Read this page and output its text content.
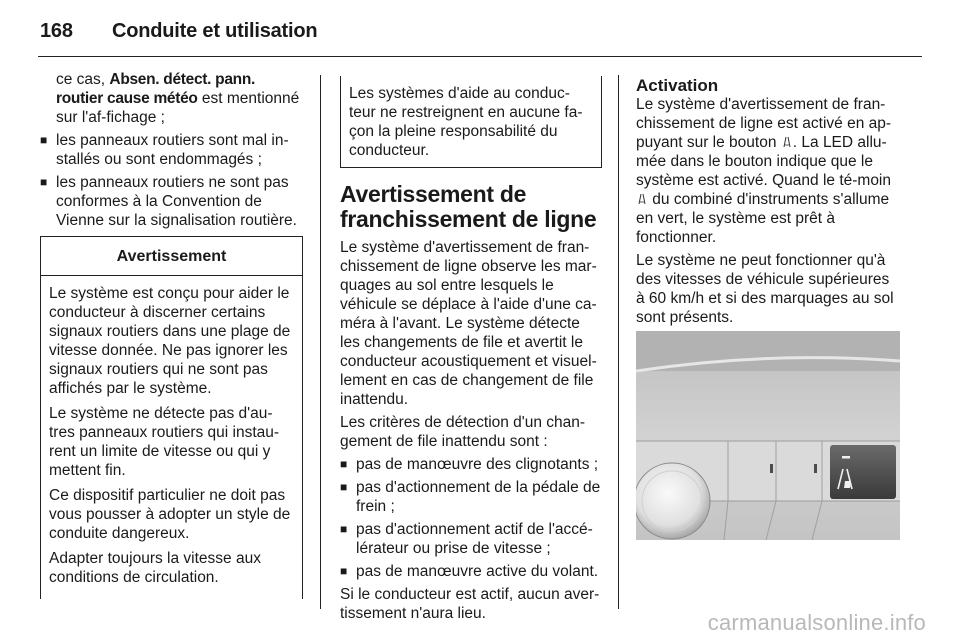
168 Conduite et utilisation

ce cas, Absen. détect. pann. routier cause météo est mentionné sur l'af-fichage ;

■ les panneaux routiers sont mal in-stallés ou sont endommagés ;
■ les panneaux routiers ne sont pas conformes à la Convention de Vienne sur la signalisation routière.
Avertissement

Le système est conçu pour aider le conducteur à discerner certains signaux routiers dans une plage de vitesse donnée. Ne pas ignorer les signaux routiers qui ne sont pas affichés par le système.

Le système ne détecte pas d'au-tres panneaux routiers qui instau-rent un limite de vitesse ou qui y mettent fin.

Ce dispositif particulier ne doit pas vous pousser à adopter un style de conduite dangereux.

Adapter toujours la vitesse aux conditions de circulation.

Les systèmes d'aide au conduc-teur ne restreignent en aucune fa-çon la pleine responsabilité du conducteur.
Avertissement de franchissement de ligne

Le système d'avertissement de fran-chissement de ligne observe les mar-quages au sol entre lesquels le véhicule se déplace à l'aide d'une ca-méra à l'avant. Le système détecte les changements de file et avertit le conducteur acoustiquement et visuel-lement en cas de changement de file inattendu.

Les critères de détection d'un chan-gement de file inattendu sont :

■ pas de manœuvre des clignotants ;
■ pas d'actionnement de la pédale de frein ;
■ pas d'actionnement actif de l'accé-lérateur ou prise de vitesse ;
■ pas de manœuvre active du volant.

Si le conducteur est actif, aucun aver-tissement n'aura lieu.

Activation

Le système d'avertissement de fran-chissement de ligne est activé en ap-puyant sur le bouton . La LED allu-mée dans le bouton indique que le système est activé. Quand le té-moin  du combiné d'instruments s'allume en vert, le système est prêt à fonctionner.

Le système ne peut fonctionner qu'à des vitesses de véhicule supérieures à 60 km/h et si des marquages au sol sont présents.

carmanualsonline.info
